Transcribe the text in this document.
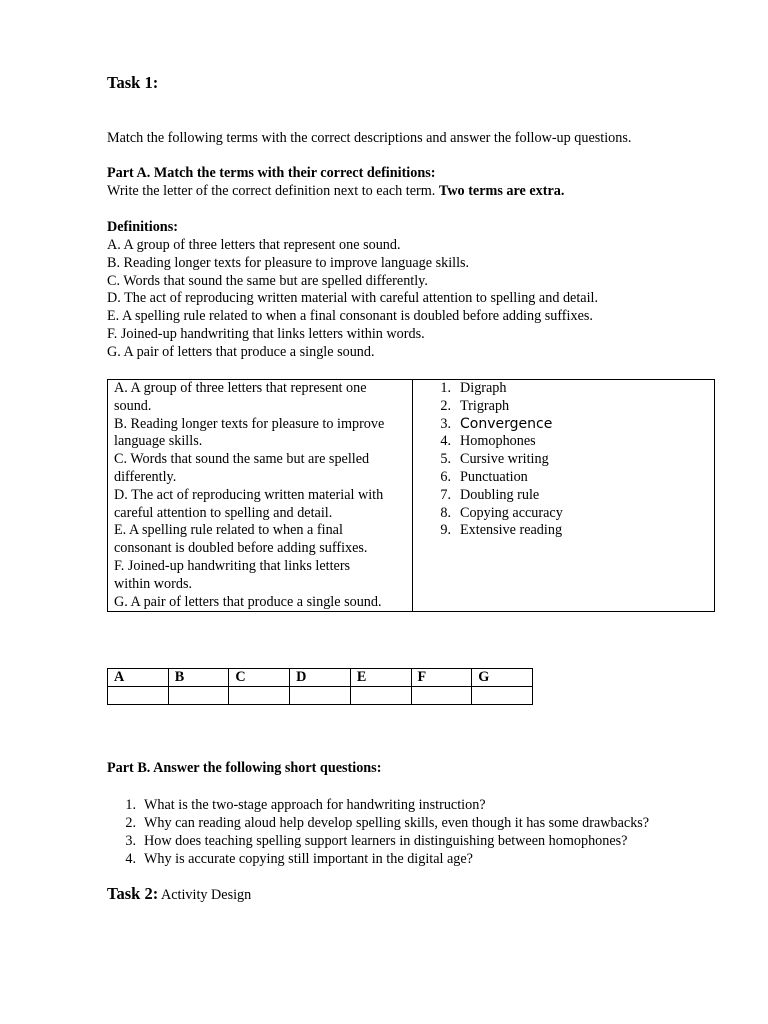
Task 1:
Match the following terms with the correct descriptions and answer the follow-up questions.
Part A. Match the terms with their correct definitions:
Write the letter of the correct definition next to each term. Two terms are extra.
Definitions:
A. A group of three letters that represent one sound.
B. Reading longer texts for pleasure to improve language skills.
C. Words that sound the same but are spelled differently.
D. The act of reproducing written material with careful attention to spelling and detail.
E. A spelling rule related to when a final consonant is doubled before adding suffixes.
F. Joined-up handwriting that links letters within words.
G. A pair of letters that produce a single sound.
A. A group of three letters that represent one
sound.
B. Reading longer texts for pleasure to improve
language skills.
C. Words that sound the same but are spelled
differently.
D. The act of reproducing written material with
careful attention to spelling and detail.
E. A spelling rule related to when a final
consonant is doubled before adding suffixes.
F. Joined-up handwriting that links letters
within words.
G. A pair of letters that produce a single sound.

1. Digraph
2. Trigraph
3. Convergence
4. Homophones
5. Cursive writing
6. Punctuation
7. Doubling rule
8. Copying accuracy
9. Extensive reading
A	B	C	D	E	F	G

Part B. Answer the following short questions:
1. What is the two-stage approach for handwriting instruction?
2. Why can reading aloud help develop spelling skills, even though it has some drawbacks?
3. How does teaching spelling support learners in distinguishing between homophones?
4. Why is accurate copying still important in the digital age?
Task 2: Activity Design
